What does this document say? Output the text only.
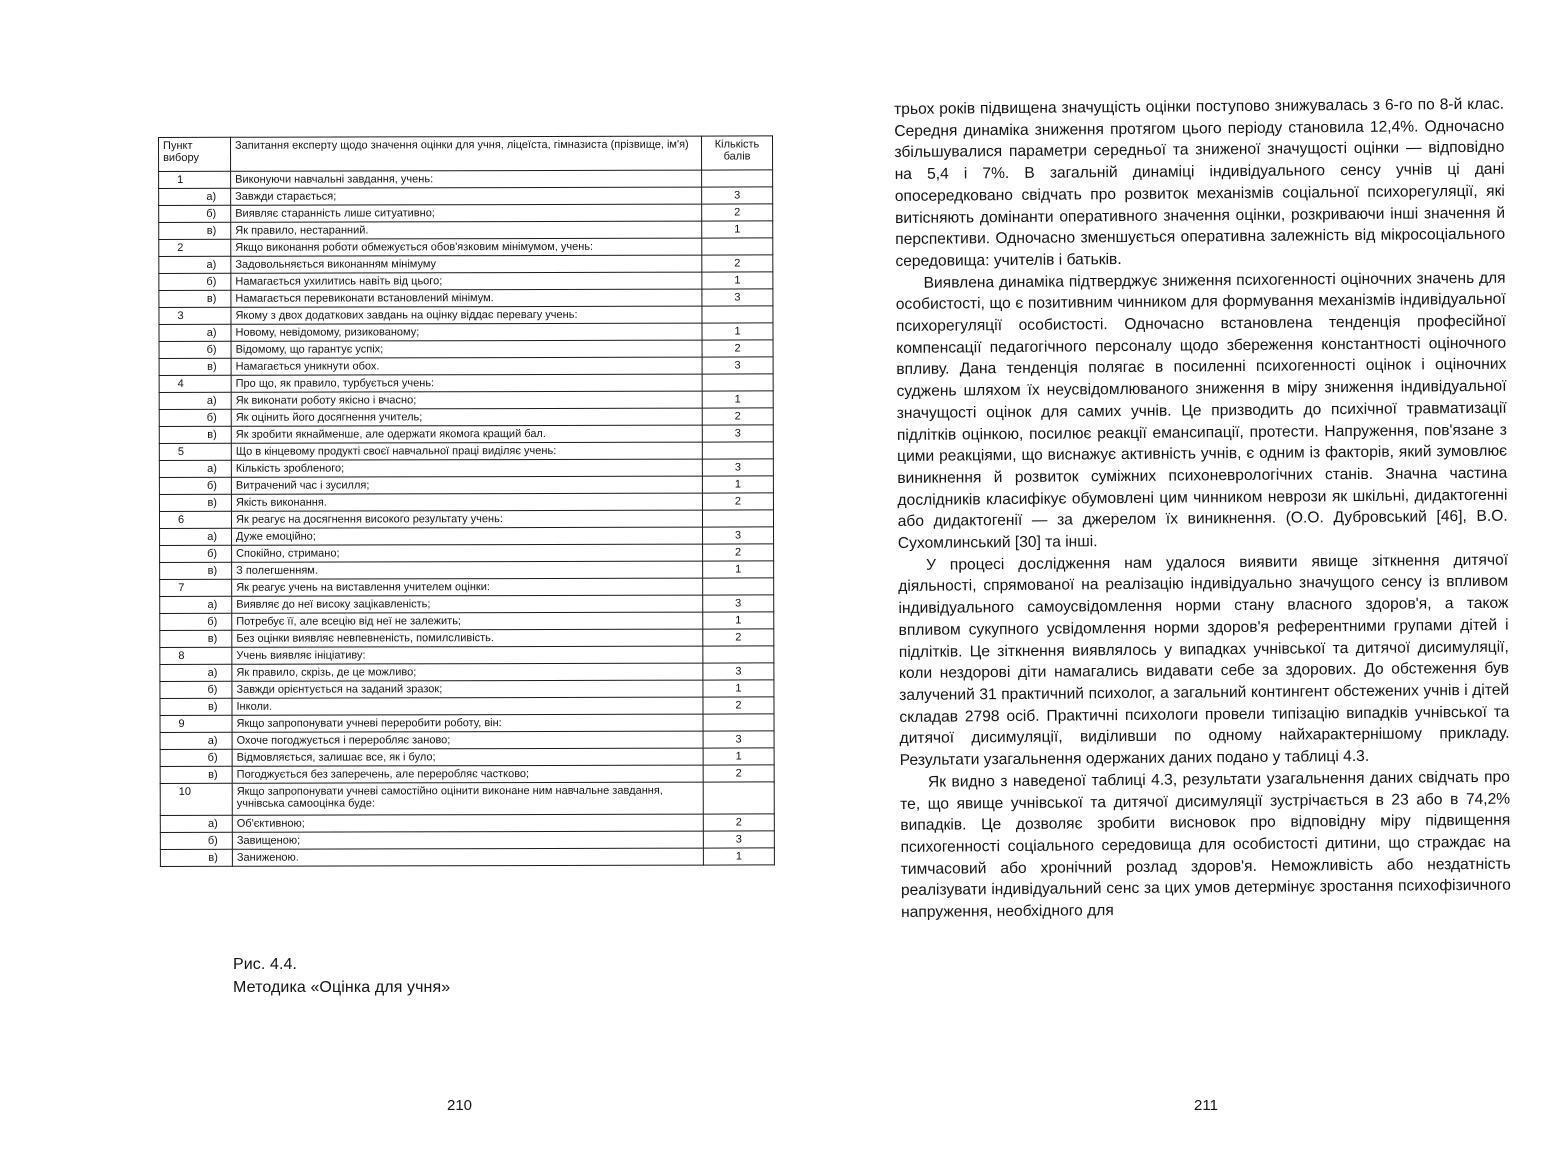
Пункт вибору	Запитання експерту щодо значення оцінки для учня, ліцеїста, гімназиста (прізвище, ім'я)	Кількість балів
1	Виконуючи навчальні завдання, учень:	
а)	Завжди старається;	3
б)	Виявляє старанність лише ситуативно;	2
в)	Як правило, нестаранний.	1
2	Якщо виконання роботи обмежується обов'язковим мінімумом, учень:	
а)	Задовольняється виконанням мінімуму	2
б)	Намагається ухилитись навіть від цього;	1
в)	Намагається перевиконати встановлений мінімум.	3
3	Якому з двох додаткових завдань на оцінку віддає перевагу учень:	
а)	Новому, невідомому, ризикованому;	1
б)	Відомому, що гарантує успіх;	2
в)	Намагається уникнути обох.	3
4	Про що, як правило, турбується учень:	
а)	Як виконати роботу якісно і вчасно;	1
б)	Як оцінить його досягнення учитель;	2
в)	Як зробити якнайменше, але одержати якомога кращий бал.	3
5	Що в кінцевому продукті своєї навчальної праці виділяє учень:	
а)	Кількість зробленого;	3
б)	Витрачений час і зусилля;	1
в)	Якість виконання.	2
6	Як реагує на досягнення високого результату учень:	
а)	Дуже емоційно;	3
б)	Спокійно, стримано;	2
в)	З полегшенням.	1
7	Як реагує учень на виставлення учителем оцінки:	
а)	Виявляє до неї високу зацікавленість;	3
б)	Потребує її, але всецію від неї не залежить;	1
в)	Без оцінки виявляє невпевненість, помилсливість.	2
8	Учень виявляє ініціативу:	
а)	Як правило, скрізь, де це можливо;	3
б)	Завжди орієнтується на заданий зразок;	1
в)	Інколи.	2
9	Якщо запропонувати учневі переробити роботу, він:	
а)	Охоче погоджується і переробляє заново;	3
б)	Відмовляється, залишає все, як і було;	1
в)	Погоджується без заперечень, але переробляє частково;	2
10	Якщо запропонувати учневі самостійно оцінити виконане ним навчальне завдання, учнівська самооцінка буде:	
а)	Об'єктивною;	2
б)	Завищеною;	3
в)	Заниженою.	1
Рис. 4.4.
Методика «Оцінка для учня»
210

трьох років підвищена значущість оцінки поступово знижувалась з 6-го по 8-й клас. Середня динаміка зниження протягом цього періоду становила 12,4%. Одночасно збільшувалися параметри середньої та зниженої значущості оцінки — відповідно на 5,4 і 7%. В загальній динаміці індивідуального сенсу учнів ці дані опосередковано свідчать про розвиток механізмів соціальної психорегуляції, які витісняють домінанти оперативного значення оцінки, розкриваючи інші значення й перспективи. Одночасно зменшується оперативна залежність від мікросоціального середовища: учителів і батьків.

Виявлена динаміка підтверджує зниження психогенності оціночних значень для особистості, що є позитивним чинником для формування механізмів індивідуальної психорегуляції особистості. Одночасно встановлена тенденція професійної компенсації педагогічного персоналу щодо збереження константності оціночного впливу. Дана тенденція полягає в посиленні психогенності оцінок і оціночних суджень шляхом їх неусвідомлюваного зниження в міру зниження індивідуальної значущості оцінок для самих учнів. Це призводить до психічної травматизації підлітків оцінкою, посилює реакції емансипації, протести. Напруження, пов'язане з цими реакціями, що виснажує активність учнів, є одним із факторів, який зумовлює виникнення й розвиток суміжних психоневрологічних станів. Значна частина дослідників класифікує обумовлені цим чинником неврози як шкільні, дидактогенні або дидактогенії — за джерелом їх виникнення. (О.О. Дубровський [46], В.О. Сухомлинський [30] та інші.

У процесі дослідження нам удалося виявити явище зіткнення дитячої діяльності, спрямованої на реалізацію індивідуально значущого сенсу із впливом індивідуального самоусвідомлення норми стану власного здоров'я, а також впливом сукупного усвідомлення норми здоров'я референтними групами дітей і підлітків. Це зіткнення виявлялось у випадках учнівської та дитячої дисимуляції, коли нездорові діти намагались видавати себе за здорових. До обстеження був залучений 31 практичний психолог, а загальний контингент обстежених учнів і дітей складав 2798 осіб. Практичні психологи провели типізацію випадків учнівської та дитячої дисимуляції, виділивши по одному найхарактернішому прикладу. Результати узагальнення одержаних даних подано у таблиці 4.3.

Як видно з наведеної таблиці 4.3, результати узагальнення даних свідчать про те, що явище учнівської та дитячої дисимуляції зустрічається в 23 або в 74,2% випадків. Це дозволяє зробити висновок про відповідну міру підвищення психогенності соціального середовища для особистості дитини, що страждає на тимчасовий або хронічний розлад здоров'я. Неможливість або нездатність реалізувати індивідуальний сенс за цих умов детермінує зростання психофізичного напруження, необхідного для

211
